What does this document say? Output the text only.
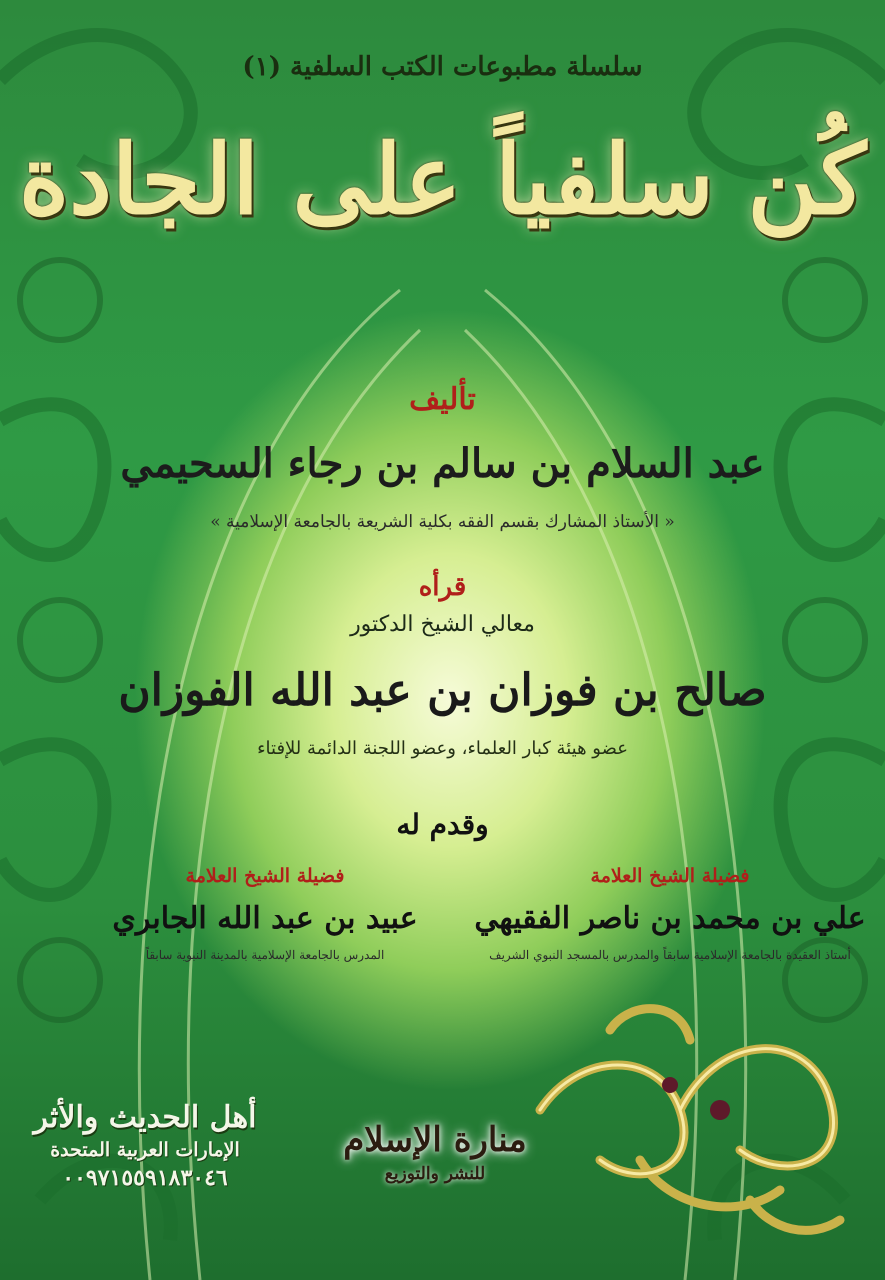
سلسلة مطبوعات الكتب السلفية (١)
كُن سلفياً على الجادة
تأليف
عبد السلام بن سالم بن رجاء السحيمي
« الأستاذ المشارك بقسم الفقه بكلية الشريعة بالجامعة الإسلامية »
قرأه
معالي الشيخ الدكتور
صالح بن فوزان بن عبد الله الفوزان
عضو هيئة كبار العلماء، وعضو اللجنة الدائمة للإفتاء
وقدم له
فضيلة الشيخ العلامة
علي بن محمد بن ناصر الفقيهي
أستاذ العقيدة بالجامعة الإسلامية سابقاً والمدرس بالمسجد النبوي الشريف
فضيلة الشيخ العلامة
عبيد بن عبد الله الجابري
المدرس بالجامعة الإسلامية بالمدينة النبوية سابقاً
أهل الحديث والأثر
الإمارات العربية المتحدة
٠٠٩٧١٥٥٩١٨٣٠٤٦
منارة الإسلام
للنشر والتوزيع
